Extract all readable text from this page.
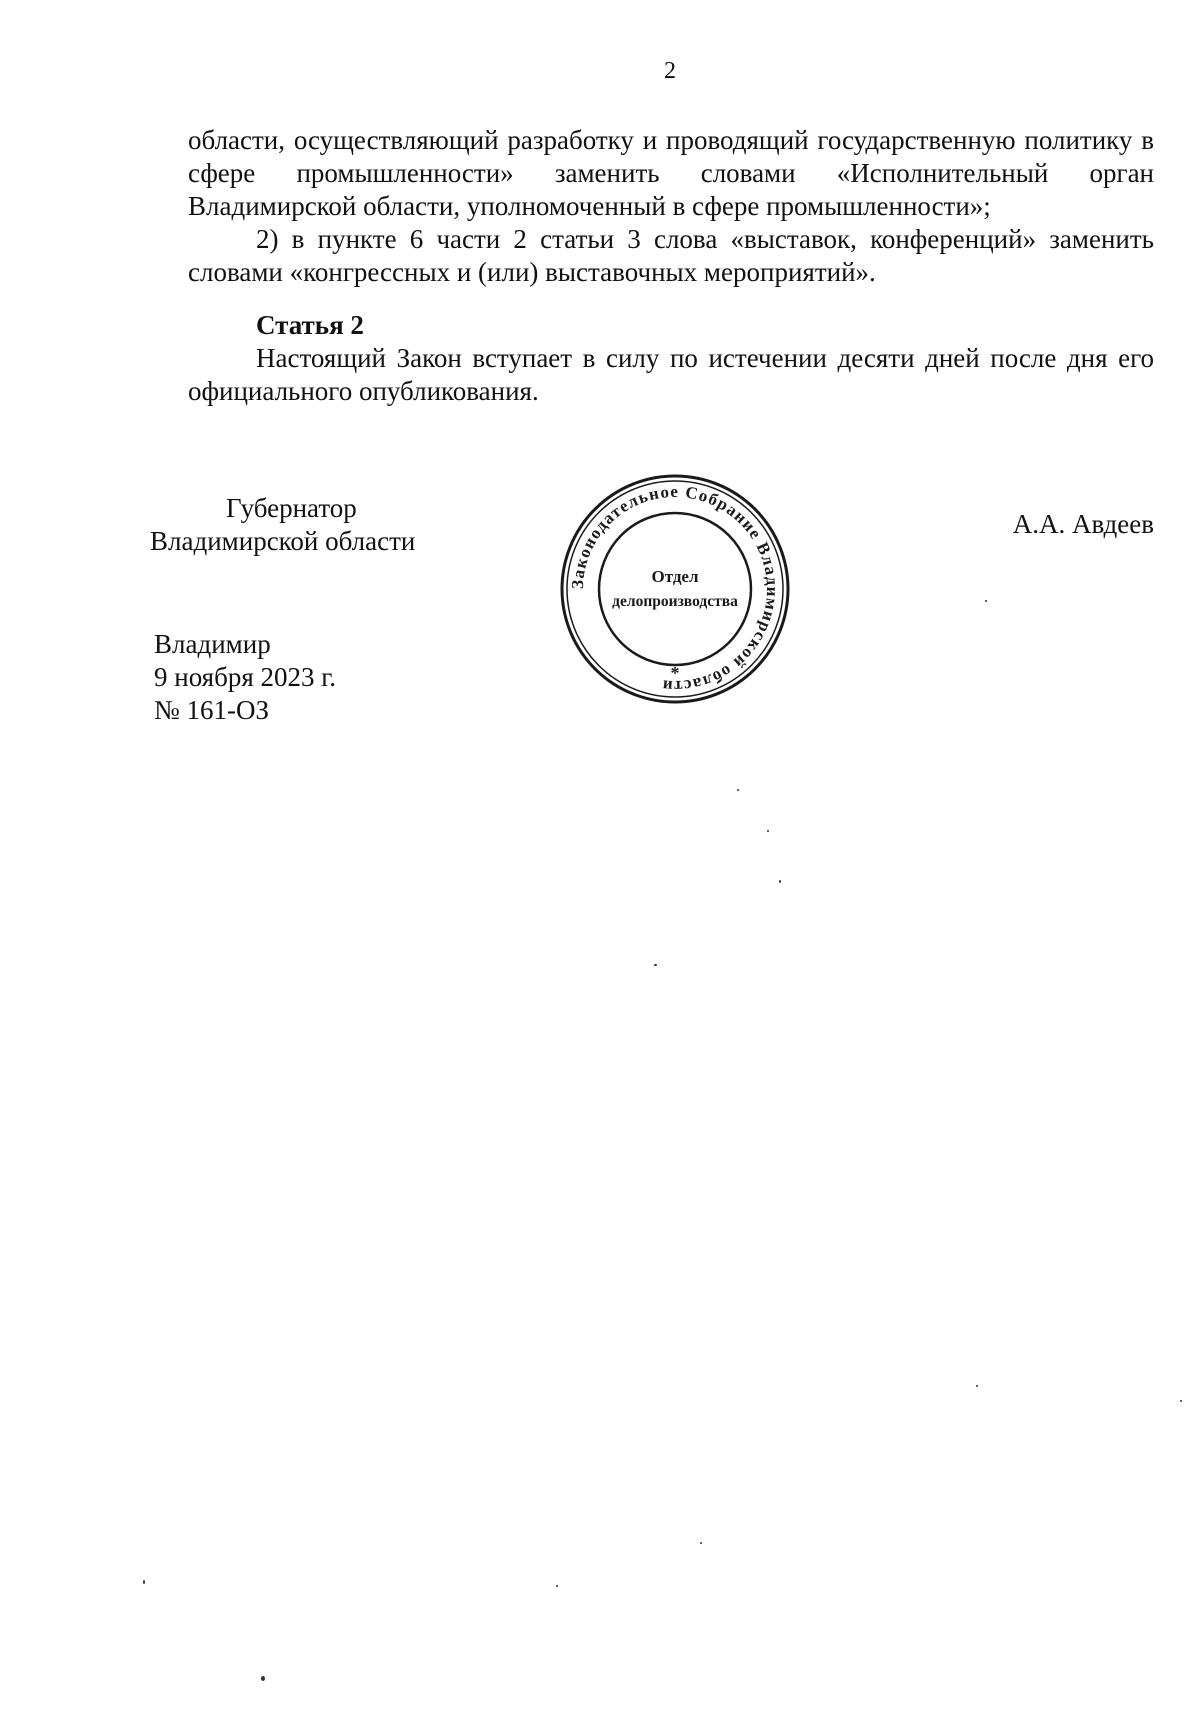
2

области, осуществляющий разработку и проводящий государственную политику в сфере промышленности» заменить словами «Исполнительный орган Владимирской области, уполномоченный в сфере промышленности»;

2) в пункте 6 части 2 статьи 3 слова «выставок, конференций» заменить словами «конгрессных и (или) выставочных мероприятий».

Статья 2

Настоящий Закон вступает в силу по истечении десяти дней после дня его официального опубликования.

Губернатор
Владимирской области
А.А. Авдеев
Законодательное Собрание Владимирской области
*
Отдел
делопроизводства
Владимир
9 ноября 2023 г.
№ 161-ОЗ
